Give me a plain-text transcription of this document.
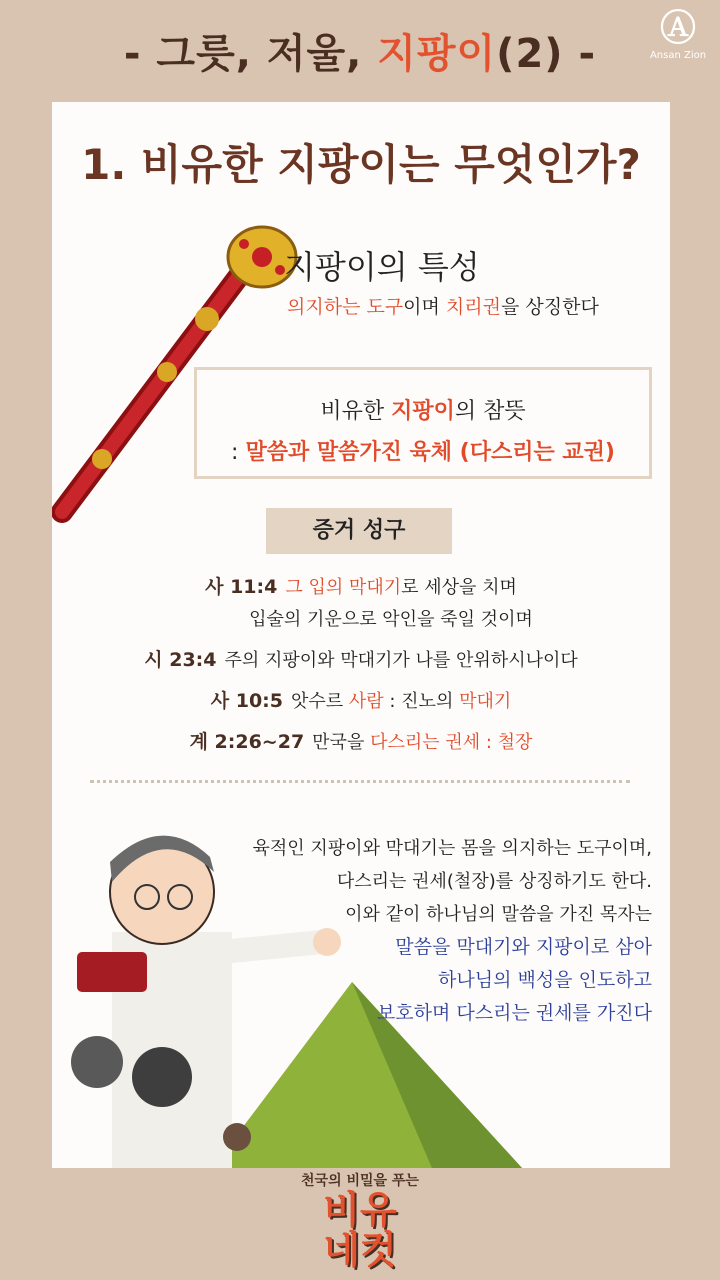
- 그릇, 저울, 지팡이(2) -
Ⓐ
Ansan Zion
1. 비유한 지팡이는 무엇인가?
지팡이의 특성
의지하는 도구이며 치리권을 상징한다
비유한 지팡이의 참뜻
: 말씀과 말씀가진 육체 (다스리는 교권)
증거 성구
사 11:4 그 입의 막대기로 세상을 치며
입술의 기운으로 악인을 죽일 것이며
시 23:4 주의 지팡이와 막대기가 나를 안위하시나이다
사 10:5 앗수르 사람 : 진노의 막대기
계 2:26~27 만국을 다스리는 권세 : 철장
육적인 지팡이와 막대기는 몸을 의지하는 도구이며,
다스리는 권세(철장)를 상징하기도 한다.
이와 같이 하나님의 말씀을 가진 목자는
말씀을 막대기와 지팡이로 삼아
하나님의 백성을 인도하고
보호하며 다스리는 권세를 가진다
천국의 비밀을 푸는
비유
네컷
